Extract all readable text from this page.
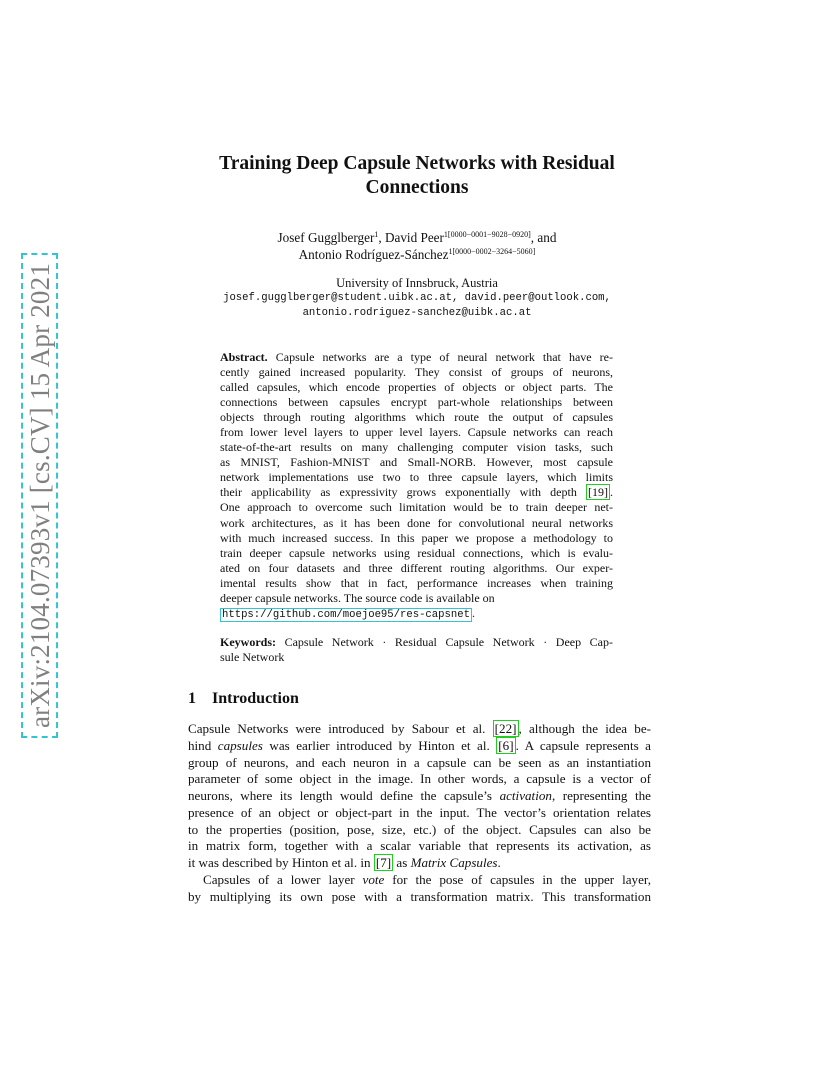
arXiv:2104.07393v1 [cs.CV] 15 Apr 2021
Training Deep Capsule Networks with Residual
Connections
Josef Gugglberger$^1$, David Peer$^{1[0000-0001-9028-0920]}$, and
Antonio Rodríguez-Sánchez$^{1[0000-0002-3264-5060]}$
University of Innsbruck, Austria
josef.gugglberger@student.uibk.ac.at, david.peer@outlook.com,
antonio.rodriguez-sanchez@uibk.ac.at
Abstract. Capsule networks are a type of neural network that have re-
cently gained increased popularity. They consist of groups of neurons,
called capsules, which encode properties of objects or object parts. The
connections between capsules encrypt part-whole relationships between
objects through routing algorithms which route the output of capsules
from lower level layers to upper level layers. Capsule networks can reach
state-of-the-art results on many challenging computer vision tasks, such
as MNIST, Fashion-MNIST and Small-NORB. However, most capsule
network implementations use two to three capsule layers, which limits
their applicability as expressivity grows exponentially with depth [19] .
One approach to overcome such limitation would be to train deeper net-
work architectures, as it has been done for convolutional neural networks
with much increased success. In this paper we propose a methodology to
train deeper capsule networks using residual connections, which is evalu-
ated on four datasets and three different routing algorithms. Our exper-
imental results show that in fact, performance increases when training
deeper capsule networks. The source code is available on
https://github.com/moejoe95/res-capsnet .
Keywords: Capsule Network · Residual Capsule Network · Deep Cap-
sule Network
1 Introduction
Capsule Networks were introduced by Sabour et al. [22] , although the idea be-
hind capsules was earlier introduced by Hinton et al. [6] . A capsule represents a
group of neurons, and each neuron in a capsule can be seen as an instantiation
parameter of some object in the image. In other words, a capsule is a vector of
neurons, where its length would define the capsule’s activation, representing the
presence of an object or object-part in the input. The vector’s orientation relates
to the properties (position, pose, size, etc.) of the object. Capsules can also be
in matrix form, together with a scalar variable that represents its activation, as
it was described by Hinton et al. in [7] as Matrix Capsules.
Capsules of a lower layer vote for the pose of capsules in the upper layer,
by multiplying its own pose with a transformation matrix. This transformation
